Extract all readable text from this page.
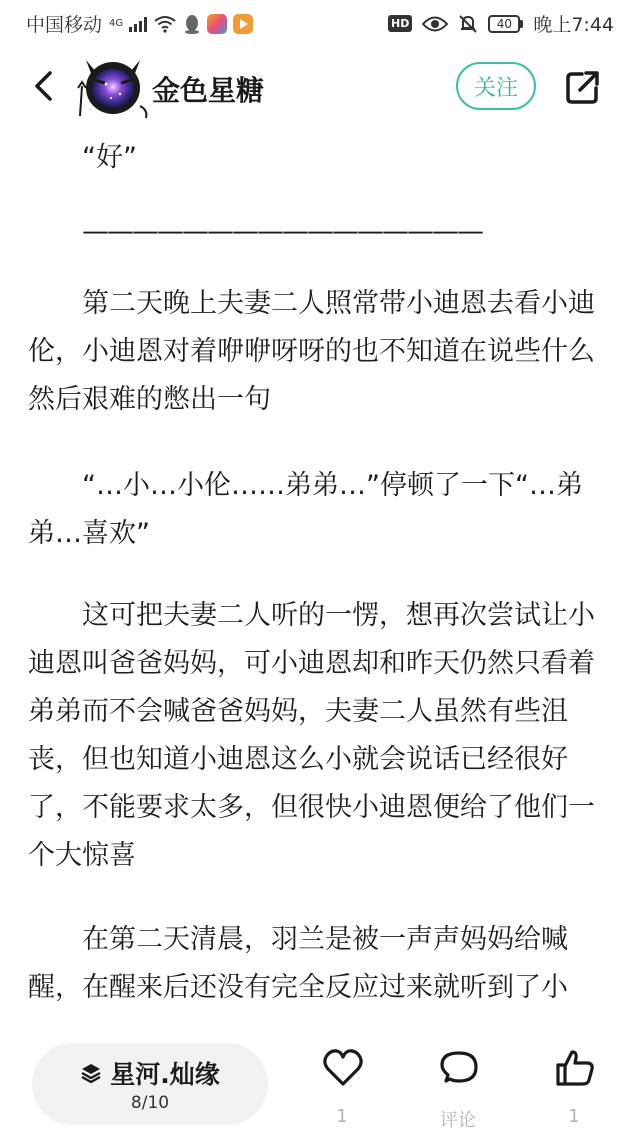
中国移动 4G	HD	40	晚上7:44
金色星糖	关注

“好”

————————————————

第二天晚上夫妻二人照常带小迪恩去看小迪伦，小迪恩对着咿咿呀呀的也不知道在说些什么然后艰难的憋出一句

“…小…小伦……弟弟…”停顿了一下“…弟弟…喜欢”

这可把夫妻二人听的一愣，想再次尝试让小迪恩叫爸爸妈妈，可小迪恩却和昨天仍然只看着弟弟而不会喊爸爸妈妈，夫妻二人虽然有些沮丧，但也知道小迪恩这么小就会说话已经很好了，不能要求太多，但很快小迪恩便给了他们一个大惊喜

在第二天清晨，羽兰是被一声声妈妈给喊醒，在醒来后还没有完全反应过来就听到了小

星河.灿缘
8/10
1	评论	1
